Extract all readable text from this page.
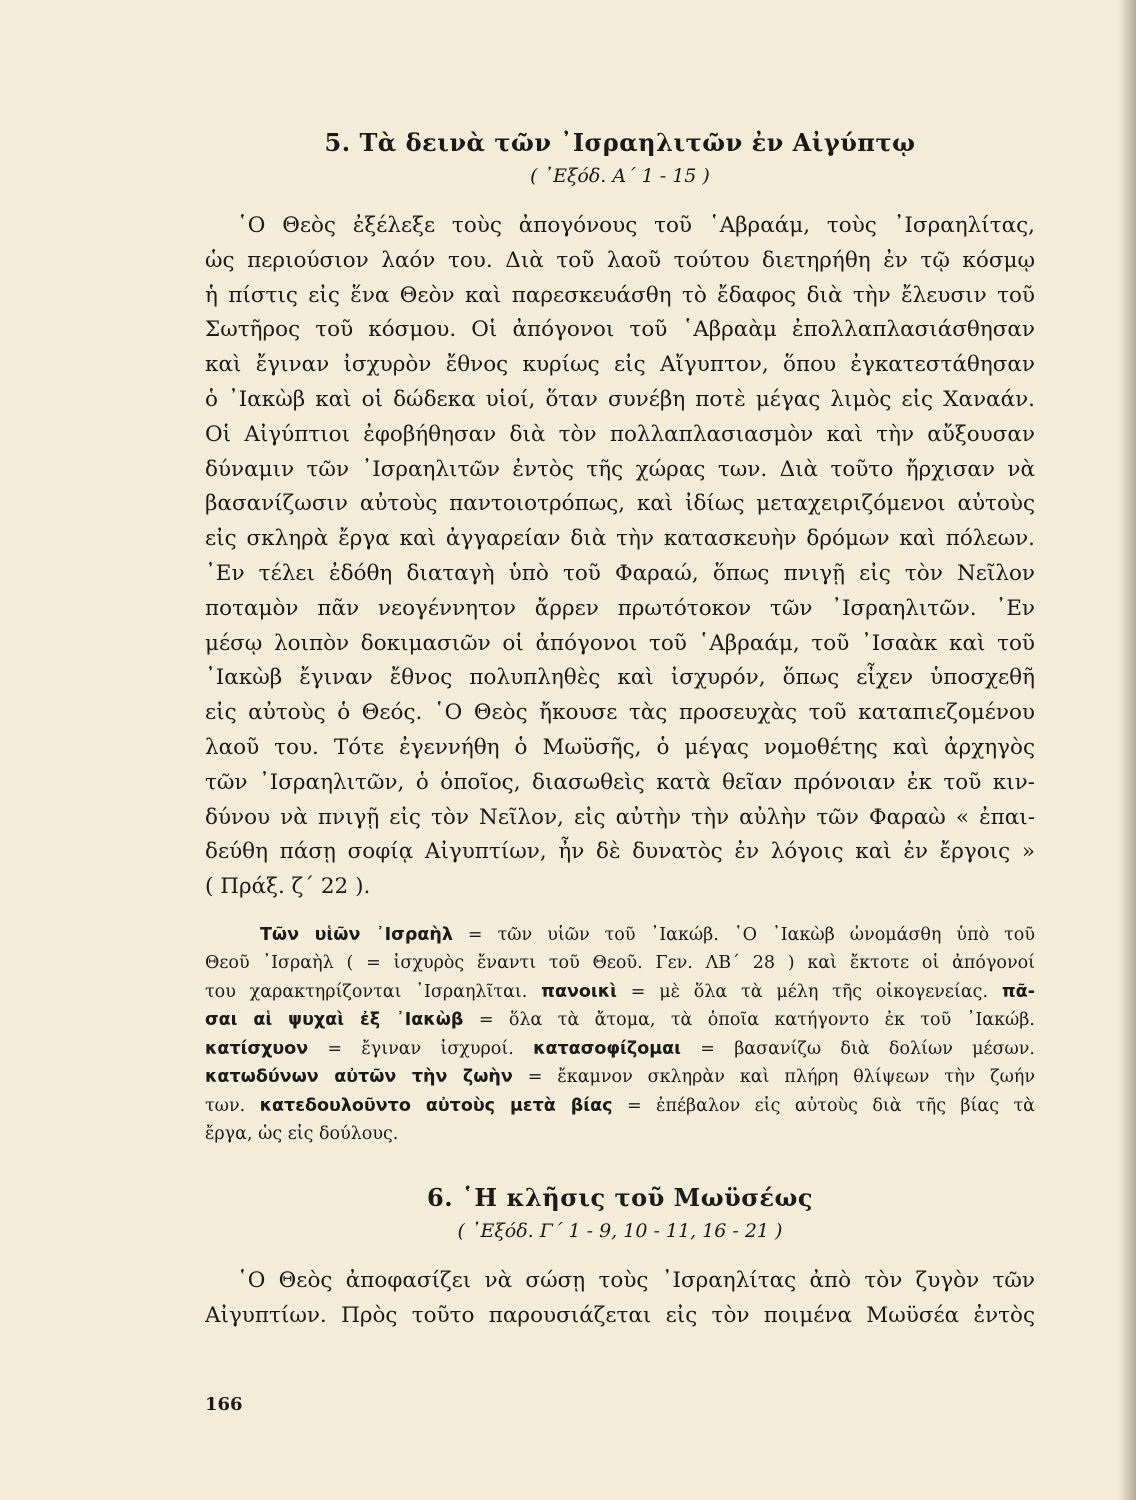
5. Τὰ δεινὰ τῶν ᾿Ισραηλιτῶν ἐν Αἰγύπτῳ
( ᾿Εξόδ. Α΄ 1 - 15 )
῾Ο Θεὸς ἐξέλεξε τοὺς ἀπογόνους τοῦ ῾Αβραάμ, τοὺς ᾿Ισραηλίτας,
ὡς περιούσιον λαόν του. Διὰ τοῦ λαοῦ τούτου διετηρήθη ἐν τῷ κόσμῳ
ἡ πίστις εἰς ἕνα Θεὸν καὶ παρεσκευάσθη τὸ ἔδαφος διὰ τὴν ἔλευσιν τοῦ
Σωτῆρος τοῦ κόσμου. Οἱ ἀπόγονοι τοῦ ῾Αβραὰμ ἐπολλαπλασιάσθησαν
καὶ ἔγιναν ἰσχυρὸν ἔθνος κυρίως εἰς Αἴγυπτον, ὅπου ἐγκατεστάθησαν
ὁ ᾿Ιακὼβ καὶ οἱ δώδεκα υἱοί, ὅταν συνέβη ποτὲ μέγας λιμὸς εἰς Χαναάν.
Οἱ Αἰγύπτιοι ἐφοβήθησαν διὰ τὸν πολλαπλασιασμὸν καὶ τὴν αὔξουσαν
δύναμιν τῶν ᾿Ισραηλιτῶν ἐντὸς τῆς χώρας των. Διὰ τοῦτο ἤρχισαν νὰ
βασανίζωσιν αὐτοὺς παντοιοτρόπως, καὶ ἰδίως μεταχειριζόμενοι αὐτοὺς
εἰς σκληρὰ ἔργα καὶ ἀγγαρείαν διὰ τὴν κατασκευὴν δρόμων καὶ πόλεων.
᾿Εν τέλει ἐδόθη διαταγὴ ὑπὸ τοῦ Φαραώ, ὅπως πνιγῇ εἰς τὸν Νεῖλον
ποταμὸν πᾶν νεογέννητον ἄρρεν πρωτότοκον τῶν ᾿Ισραηλιτῶν. ᾿Εν
μέσῳ λοιπὸν δοκιμασιῶν οἱ ἀπόγονοι τοῦ ῾Αβραάμ, τοῦ ᾿Ισαὰκ καὶ τοῦ
᾿Ιακὼβ ἔγιναν ἔθνος πολυπληθὲς καὶ ἰσχυρόν, ὅπως εἶχεν ὑποσχεθῆ
εἰς αὐτοὺς ὁ Θεός. ῾Ο Θεὸς ἤκουσε τὰς προσευχὰς τοῦ καταπιεζομένου
λαοῦ του. Τότε ἐγεννήθη ὁ Μωϋσῆς, ὁ μέγας νομοθέτης καὶ ἀρχηγὸς
τῶν ᾿Ισραηλιτῶν, ὁ ὁποῖος, διασωθεὶς κατὰ θεῖαν πρόνοιαν ἐκ τοῦ κιν-
δύνου νὰ πνιγῇ εἰς τὸν Νεῖλον, εἰς αὐτὴν τὴν αὐλὴν τῶν Φαραὼ « ἐπαι-
δεύθη πάσῃ σοφίᾳ Αἰγυπτίων, ἦν δὲ δυνατὸς ἐν λόγοις καὶ ἐν ἔργοις »
( Πράξ. ζ΄ 22 ).
Τῶν υἱῶν ᾿Ισραὴλ = τῶν υἱῶν τοῦ ᾿Ιακώβ. ῾Ο ᾿Ιακὼβ ὠνομάσθη ὑπὸ τοῦ
Θεοῦ ᾿Ισραὴλ ( = ἰσχυρὸς ἔναντι τοῦ Θεοῦ. Γεν. ΛΒ΄ 28 ) καὶ ἔκτοτε οἱ ἀπόγονοί
του χαρακτηρίζονται ᾿Ισραηλῖται. πανοικὶ = μὲ ὅλα τὰ μέλη τῆς οἰκογενείας. πᾶ-
σαι αἱ ψυχαὶ ἐξ ᾿Ιακὼβ = ὅλα τὰ ἄτομα, τὰ ὁποῖα κατήγοντο ἐκ τοῦ ᾿Ιακώβ.
κατίσχυον = ἔγιναν ἰσχυροί. κατασοφίζομαι = βασανίζω διὰ δολίων μέσων.
κατωδύνων αὐτῶν τὴν ζωὴν = ἔκαμνον σκληρὰν καὶ πλήρη θλίψεων τὴν ζωήν
των. κατεδουλοῦντο αὐτοὺς μετὰ βίας = ἐπέβαλον εἰς αὐτοὺς διὰ τῆς βίας τὰ
ἔργα, ὡς εἰς δούλους.
6. ῾Η κλῆσις τοῦ Μωϋσέως
( ᾿Εξόδ. Γ΄ 1 - 9, 10 - 11, 16 - 21 )
῾Ο Θεὸς ἀποφασίζει νὰ σώσῃ τοὺς ᾿Ισραηλίτας ἀπὸ τὸν ζυγὸν τῶν
Αἰγυπτίων. Πρὸς τοῦτο παρουσιάζεται εἰς τὸν ποιμένα Μωϋσέα ἐντὸς
166
